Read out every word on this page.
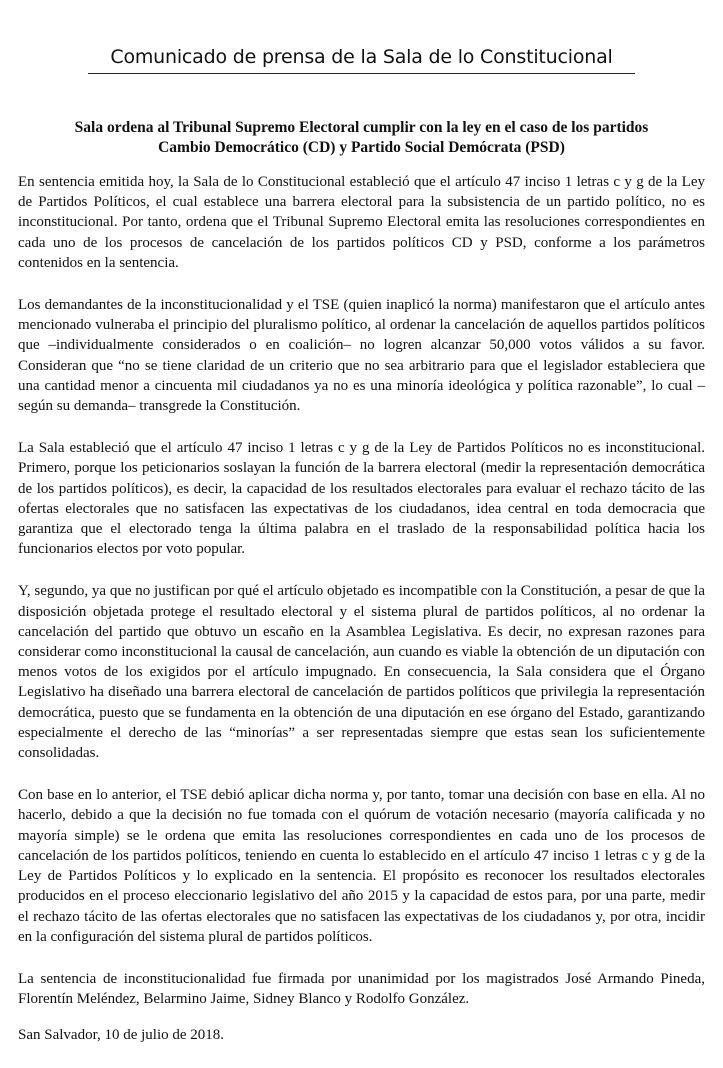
Comunicado de prensa de la Sala de lo Constitucional
Sala ordena al Tribunal Supremo Electoral cumplir con la ley en el caso de los partidos
Cambio Democrático (CD) y Partido Social Demócrata (PSD)

En sentencia emitida hoy, la Sala de lo Constitucional estableció que el artículo 47 inciso 1 letras c y g de la Ley de Partidos Políticos, el cual establece una barrera electoral para la subsistencia de un partido político, no es inconstitucional. Por tanto, ordena que el Tribunal Supremo Electoral emita las resoluciones correspondientes en cada uno de los procesos de cancelación de los partidos políticos CD y PSD, conforme a los parámetros contenidos en la sentencia.

Los demandantes de la inconstitucionalidad y el TSE (quien inaplicó la norma) manifestaron que el artículo antes mencionado vulneraba el principio del pluralismo político, al ordenar la cancelación de aquellos partidos políticos que –individualmente considerados o en coalición– no logren alcanzar 50,000 votos válidos a su favor. Consideran que “no se tiene claridad de un criterio que no sea arbitrario para que el legislador estableciera que una cantidad menor a cincuenta mil ciudadanos ya no es una minoría ideológica y política razonable”, lo cual –según su demanda– transgrede la Constitución.

La Sala estableció que el artículo 47 inciso 1 letras c y g de la Ley de Partidos Políticos no es inconstitucional. Primero, porque los peticionarios soslayan la función de la barrera electoral (medir la representación democrática de los partidos políticos), es decir, la capacidad de los resultados electorales para evaluar el rechazo tácito de las ofertas electorales que no satisfacen las expectativas de los ciudadanos, idea central en toda democracia que garantiza que el electorado tenga la última palabra en el traslado de la responsabilidad política hacia los funcionarios electos por voto popular.

Y, segundo, ya que no justifican por qué el artículo objetado es incompatible con la Constitución, a pesar de que la disposición objetada protege el resultado electoral y el sistema plural de partidos políticos, al no ordenar la cancelación del partido que obtuvo un escaño en la Asamblea Legislativa. Es decir, no expresan razones para considerar como inconstitucional la causal de cancelación, aun cuando es viable la obtención de un diputación con menos votos de los exigidos por el artículo impugnado. En consecuencia, la Sala considera que el Órgano Legislativo ha diseñado una barrera electoral de cancelación de partidos políticos que privilegia la representación democrática, puesto que se fundamenta en la obtención de una diputación en ese órgano del Estado, garantizando especialmente el derecho de las “minorías” a ser representadas siempre que estas sean los suficientemente consolidadas.

Con base en lo anterior, el TSE debió aplicar dicha norma y, por tanto, tomar una decisión con base en ella. Al no hacerlo, debido a que la decisión no fue tomada con el quórum de votación necesario (mayoría calificada y no mayoría simple) se le ordena que emita las resoluciones correspondientes en cada uno de los procesos de cancelación de los partidos políticos, teniendo en cuenta lo establecido en el artículo 47 inciso 1 letras c y g de la Ley de Partidos Políticos y lo explicado en la sentencia. El propósito es reconocer los resultados electorales producidos en el proceso eleccionario legislativo del año 2015 y la capacidad de estos para, por una parte, medir el rechazo tácito de las ofertas electorales que no satisfacen las expectativas de los ciudadanos y, por otra, incidir en la configuración del sistema plural de partidos políticos.

La sentencia de inconstitucionalidad fue firmada por unanimidad por los magistrados José Armando Pineda, Florentín Meléndez, Belarmino Jaime, Sidney Blanco y Rodolfo González.

San Salvador, 10 de julio de 2018.
